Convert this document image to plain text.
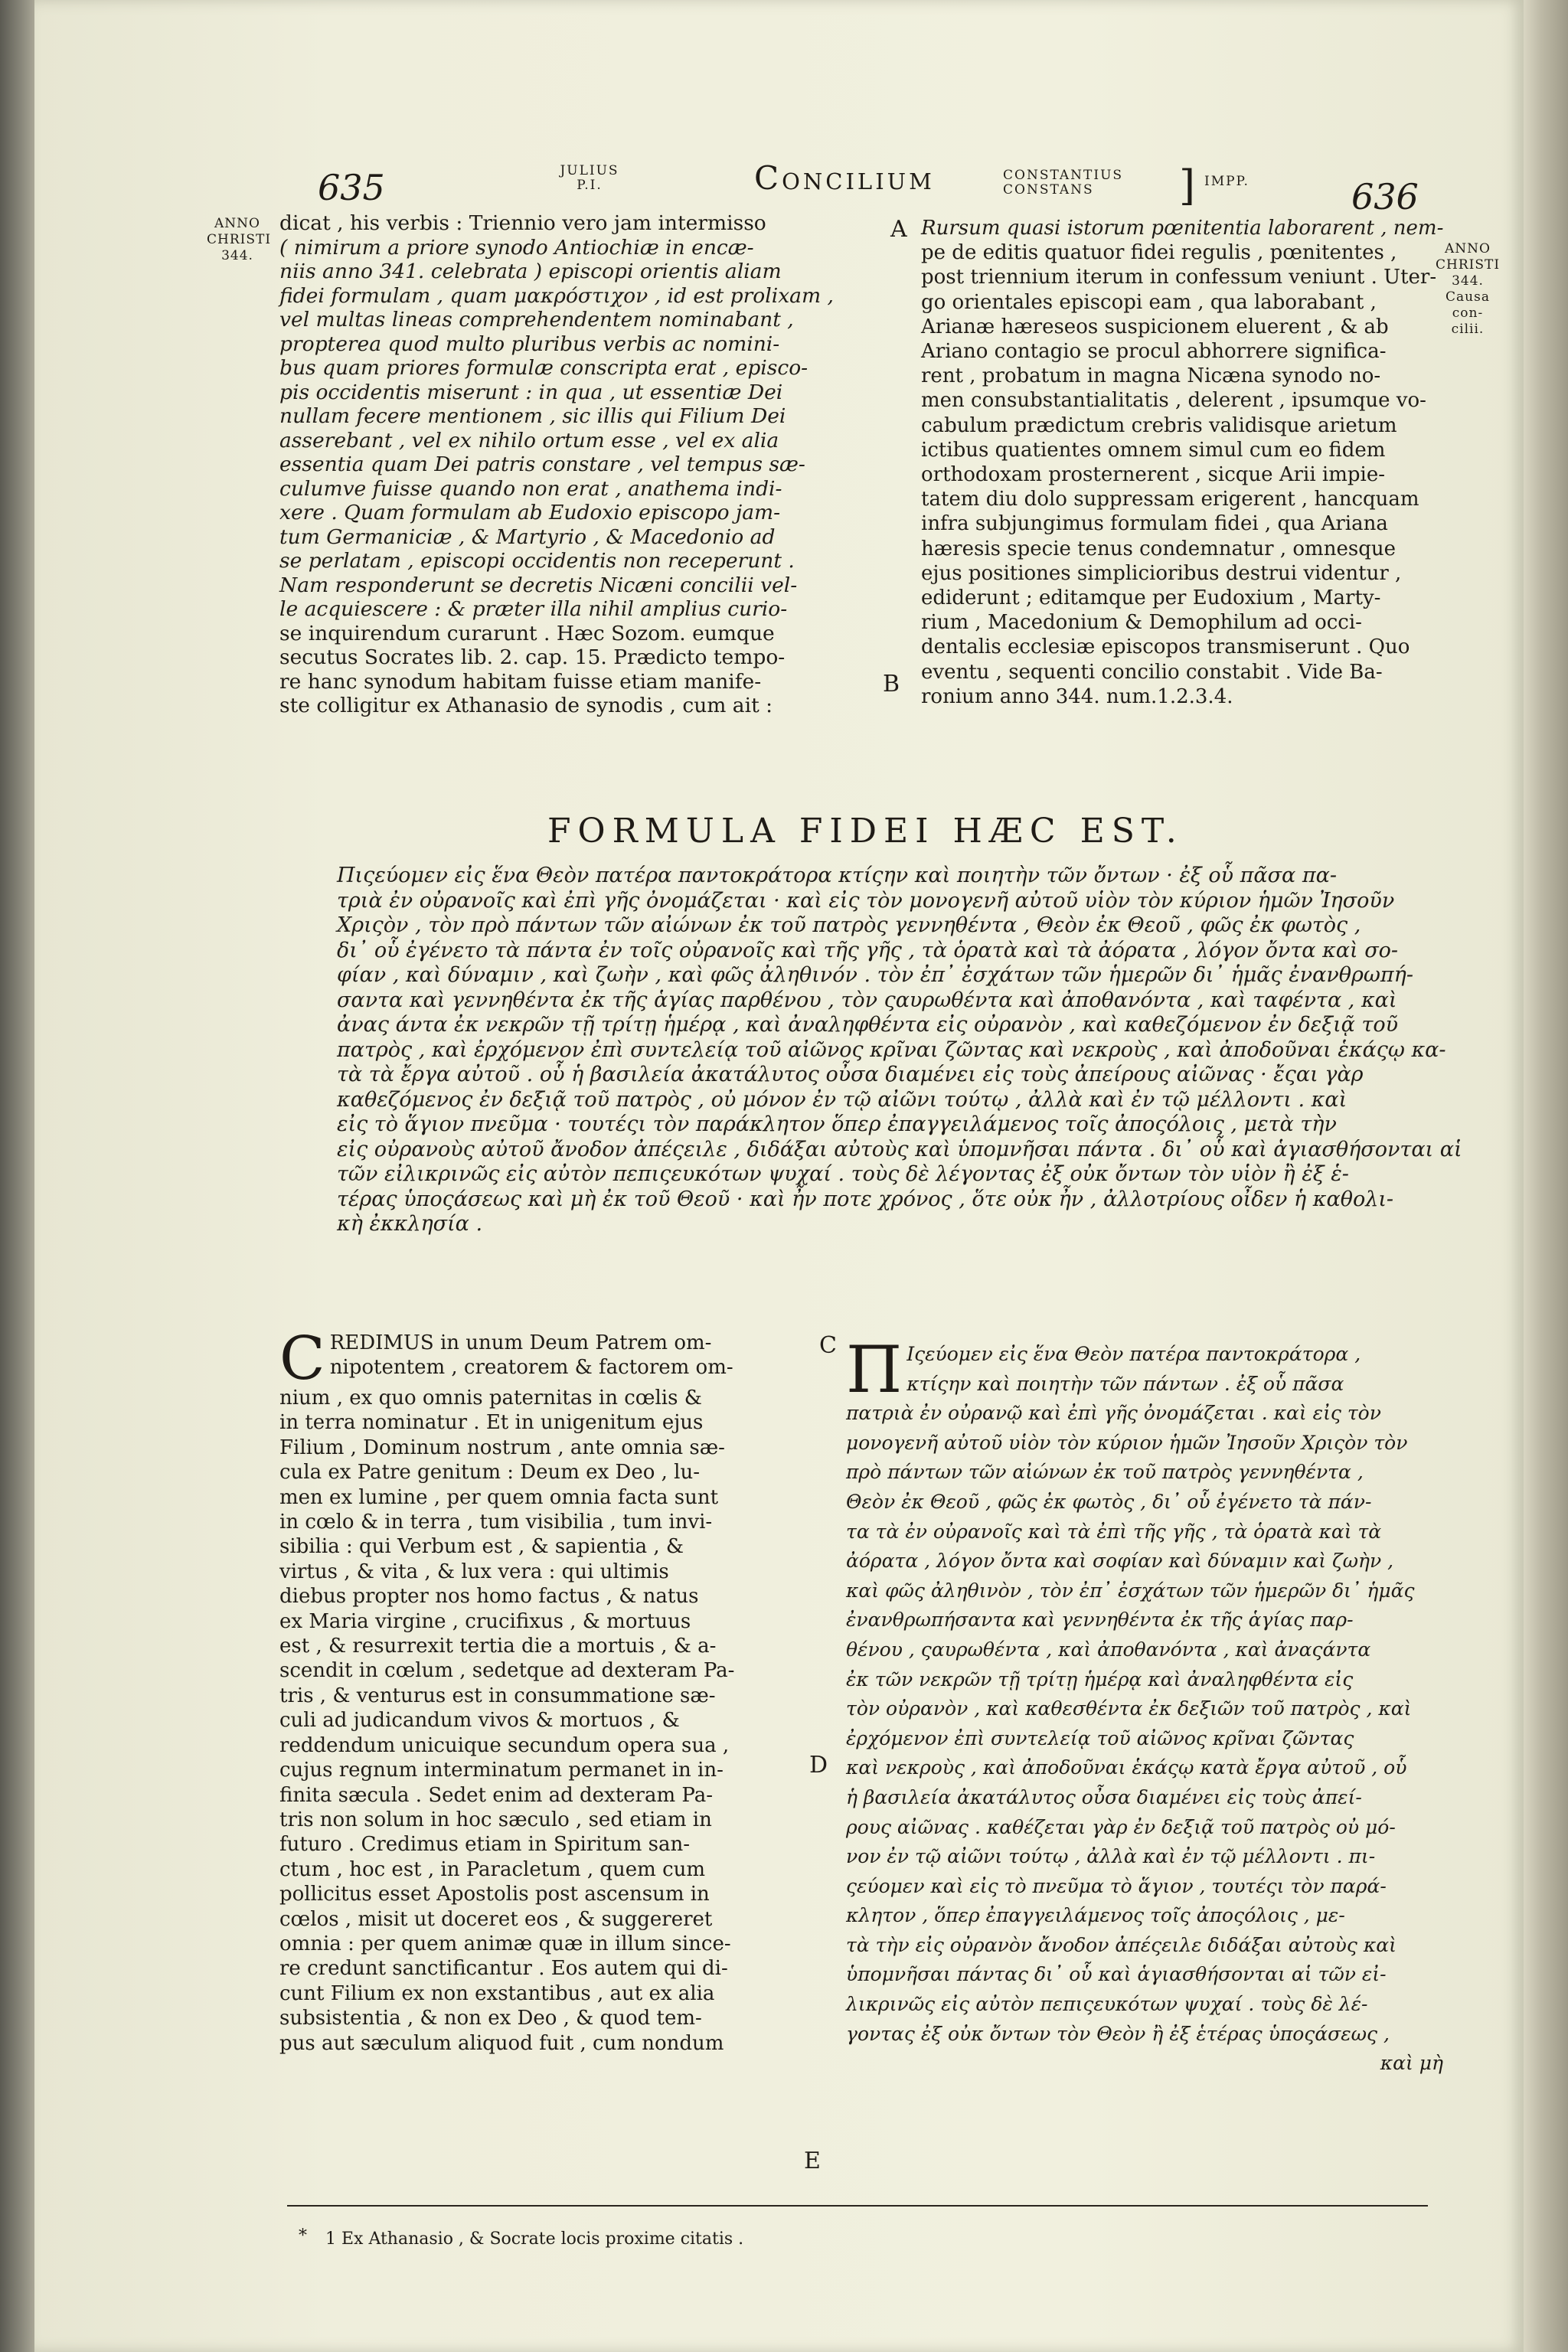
635	JULIUS
P.I.	Concilium	CONSTANTIUS
CONSTANS	] IMPP.	636
ANNO
CHRISTI
344.	ANNO
CHRISTI
344.
Causa con-
cilii.
dicat , his verbis : Triennio vero jam intermisso
( nimirum a priore synodo Antiochiæ in encæ-
niis anno 341. celebrata ) episcopi orientis aliam
fidei formulam , quam μακρόστιχον , id est prolixam ,
vel multas lineas comprehendentem nominabant ,
propterea quod multo pluribus verbis ac nomini-
bus quam priores formulæ conscripta erat , episco-
pis occidentis miserunt : in qua , ut essentiæ Dei
nullam fecere mentionem , sic illis qui Filium Dei
asserebant , vel ex nihilo ortum esse , vel ex alia
essentia quam Dei patris constare , vel tempus sæ-
culumve fuisse quando non erat , anathema indi-
xere . Quam formulam ab Eudoxio episcopo jam-
tum Germaniciæ , & Martyrio , & Macedonio ad
se perlatam , episcopi occidentis non receperunt .
Nam responderunt se decretis Nicæni concilii vel-
le acquiescere : & præter illa nihil amplius curio-
se inquirendum curarunt . Hæc Sozom. eumque
secutus Socrates lib. 2. cap. 15. Prædicto tempo-
re hanc synodum habitam fuisse etiam manife-
ste colligitur ex Athanasio de synodis , cum ait :
A
B
Rursum quasi istorum pœnitentia laborarent , nem-
pe de editis quatuor fidei regulis , pœnitentes ,
post triennium iterum in confessum veniunt . Uter-
go orientales episcopi eam , qua laborabant ,
Arianæ hæreseos suspicionem eluerent , & ab
Ariano contagio se procul abhorrere significa-
rent , probatum in magna Nicæna synodo no-
men consubstantialitatis , delerent , ipsumque vo-
cabulum prædictum crebris validisque arietum
ictibus quatientes omnem simul cum eo fidem
orthodoxam prosternerent , sicque Arii impie-
tatem diu dolo suppressam erigerent , hancquam
infra subjungimus formulam fidei , qua Ariana
hæresis specie tenus condemnatur , omnesque
ejus positiones simplicioribus destrui videntur ,
ediderunt ; editamque per Eudoxium , Marty-
rium , Macedonium & Demophilum ad occi-
dentalis ecclesiæ episcopos transmiserunt . Quo
eventu , sequenti concilio constabit . Vide Ba-
ronium anno 344. num.1.2.3.4.
FORMULA FIDEI HÆC EST.
Πιςεύομεν εἰς ἕνα Θεὸν πατέρα παντοκράτορα κτίςην καὶ ποιητὴν τῶν ὄντων · ἐξ οὗ πᾶσα πα-
τριὰ ἐν οὐρανοῖς καὶ ἐπὶ γῆς ὀνομάζεται · καὶ εἰς τὸν μονογενῆ αὐτοῦ υἱὸν τὸν κύριον ἡμῶν Ἰησοῦν
Χριςὸν , τὸν πρὸ πάντων τῶν αἰώνων ἐκ τοῦ πατρὸς γεννηθέντα , Θεὸν ἐκ Θεοῦ , φῶς ἐκ φωτὸς ,
δι᾽ οὗ ἐγένετο τὰ πάντα ἐν τοῖς οὐρανοῖς καὶ τῆς γῆς , τὰ ὁρατὰ καὶ τὰ ἀόρατα , λόγον ὄντα καὶ σο-
φίαν , καὶ δύναμιν , καὶ ζωὴν , καὶ φῶς ἀληθινόν . τὸν ἐπ᾽ ἐσχάτων τῶν ἡμερῶν δι᾽ ἡμᾶς ἐνανθρωπή-
σαντα καὶ γεννηθέντα ἐκ τῆς ἁγίας παρθένου , τὸν ςαυρωθέντα καὶ ἀποθανόντα , καὶ ταφέντα , καὶ
ἀνας άντα ἐκ νεκρῶν τῇ τρίτῃ ἡμέρᾳ , καὶ ἀναληφθέντα εἰς οὐρανὸν , καὶ καθεζόμενον ἐν δεξιᾷ τοῦ
πατρὸς , καὶ ἐρχόμενον ἐπὶ συντελείᾳ τοῦ αἰῶνος κρῖναι ζῶντας καὶ νεκροὺς , καὶ ἀποδοῦναι ἑκάςῳ κα-
τὰ τὰ ἔργα αὐτοῦ . οὗ ἡ βασιλεία ἀκατάλυτος οὖσα διαμένει εἰς τοὺς ἀπείρους αἰῶνας · ἔςαι γὰρ
καθεζόμενος ἐν δεξιᾷ τοῦ πατρὸς , οὐ μόνον ἐν τῷ αἰῶνι τούτῳ , ἀλλὰ καὶ ἐν τῷ μέλλοντι . καὶ
εἰς τὸ ἅγιον πνεῦμα · τουτέςι τὸν παράκλητον ὅπερ ἐπαγγειλάμενος τοῖς ἀποςόλοις , μετὰ τὴν
εἰς οὐρανοὺς αὐτοῦ ἄνοδον ἀπέςειλε , διδάξαι αὐτοὺς καὶ ὑπομνῆσαι πάντα . δι᾽ οὗ καὶ ἁγιασθήσονται αἱ
τῶν εἰλικρινῶς εἰς αὐτὸν πεπιςευκότων ψυχαί . τοὺς δὲ λέγοντας ἐξ οὐκ ὄντων τὸν υἱὸν ἢ ἐξ ἑ-
τέρας ὑποςάσεως καὶ μὴ ἐκ τοῦ Θεοῦ · καὶ ἦν ποτε χρόνος , ὅτε οὐκ ἦν , ἀλλοτρίους οἶδεν ἡ καθολι-
κὴ ἐκκλησία .
C REDIMUS in unum Deum Patrem om-
nipotentem , creatorem & factorem om-
nium , ex quo omnis paternitas in cœlis &
in terra nominatur . Et in unigenitum ejus
Filium , Dominum nostrum , ante omnia sæ-
cula ex Patre genitum : Deum ex Deo , lu-
men ex lumine , per quem omnia facta sunt
in cœlo & in terra , tum visibilia , tum invi-
sibilia : qui Verbum est , & sapientia , &
virtus , & vita , & lux vera : qui ultimis
diebus propter nos homo factus , & natus
ex Maria virgine , crucifixus , & mortuus
est , & resurrexit tertia die a mortuis , & a-
scendit in cœlum , sedetque ad dexteram Pa-
tris , & venturus est in consummatione sæ-
culi ad judicandum vivos & mortuos , &
reddendum unicuique secundum opera sua ,
cujus regnum interminatum permanet in in-
finita sæcula . Sedet enim ad dexteram Pa-
tris non solum in hoc sæculo , sed etiam in
futuro . Credimus etiam in Spiritum san-
ctum , hoc est , in Paracletum , quem cum
pollicitus esset Apostolis post ascensum in
cœlos , misit ut doceret eos , & suggereret
omnia : per quem animæ quæ in illum since-
re credunt sanctificantur . Eos autem qui di-
cunt Filium ex non exstantibus , aut ex alia
subsistentia , & non ex Deo , & quod tem-
pus aut sæculum aliquod fuit , cum nondum
C
D
E
Π Ιςεύομεν εἰς ἕνα Θεὸν πατέρα παντοκράτορα ,
κτίςην καὶ ποιητὴν τῶν πάντων . ἐξ οὗ πᾶσα
πατριὰ ἐν οὐρανῷ καὶ ἐπὶ γῆς ὀνομάζεται . καὶ εἰς τὸν
μονογενῆ αὐτοῦ υἱὸν τὸν κύριον ἡμῶν Ἰησοῦν Χριςὸν τὸν
πρὸ πάντων τῶν αἰώνων ἐκ τοῦ πατρὸς γεννηθέντα ,
Θεὸν ἐκ Θεοῦ , φῶς ἐκ φωτὸς , δι᾽ οὗ ἐγένετο τὰ πάν-
τα τὰ ἐν οὐρανοῖς καὶ τὰ ἐπὶ τῆς γῆς , τὰ ὁρατὰ καὶ τὰ
ἀόρατα , λόγον ὄντα καὶ σοφίαν καὶ δύναμιν καὶ ζωὴν ,
καὶ φῶς ἀληθινὸν , τὸν ἐπ᾽ ἐσχάτων τῶν ἡμερῶν δι᾽ ἡμᾶς
ἐνανθρωπήσαντα καὶ γεννηθέντα ἐκ τῆς ἁγίας παρ-
θένου , ςαυρωθέντα , καὶ ἀποθανόντα , καὶ ἀναςάντα
ἐκ τῶν νεκρῶν τῇ τρίτῃ ἡμέρᾳ καὶ ἀναληφθέντα εἰς
τὸν οὐρανὸν , καὶ καθεσθέντα ἐκ δεξιῶν τοῦ πατρὸς , καὶ
ἐρχόμενον ἐπὶ συντελείᾳ τοῦ αἰῶνος κρῖναι ζῶντας
καὶ νεκροὺς , καὶ ἀποδοῦναι ἑκάςῳ κατὰ ἔργα αὐτοῦ , οὗ
ἡ βασιλεία ἀκατάλυτος οὖσα διαμένει εἰς τοὺς ἀπεί-
ρους αἰῶνας . καθέζεται γὰρ ἐν δεξιᾷ τοῦ πατρὸς οὐ μό-
νον ἐν τῷ αἰῶνι τούτῳ , ἀλλὰ καὶ ἐν τῷ μέλλοντι . πι-
ςεύομεν καὶ εἰς τὸ πνεῦμα τὸ ἅγιον , τουτέςι τὸν παρά-
κλητον , ὅπερ ἐπαγγειλάμενος τοῖς ἀποςόλοις , με-
τὰ τὴν εἰς οὐρανὸν ἄνοδον ἀπέςειλε διδάξαι αὐτοὺς καὶ
ὑπομνῆσαι πάντας δι᾽ οὗ καὶ ἁγιασθήσονται αἱ τῶν εἰ-
λικρινῶς εἰς αὐτὸν πεπιςευκότων ψυχαί . τοὺς δὲ λέ-
γοντας ἐξ οὐκ ὄντων τὸν Θεὸν ἢ ἐξ ἑτέρας ὑποςάσεως ,
καὶ μὴ
* 1 Ex Athanasio , & Socrate locis proxime citatis .
